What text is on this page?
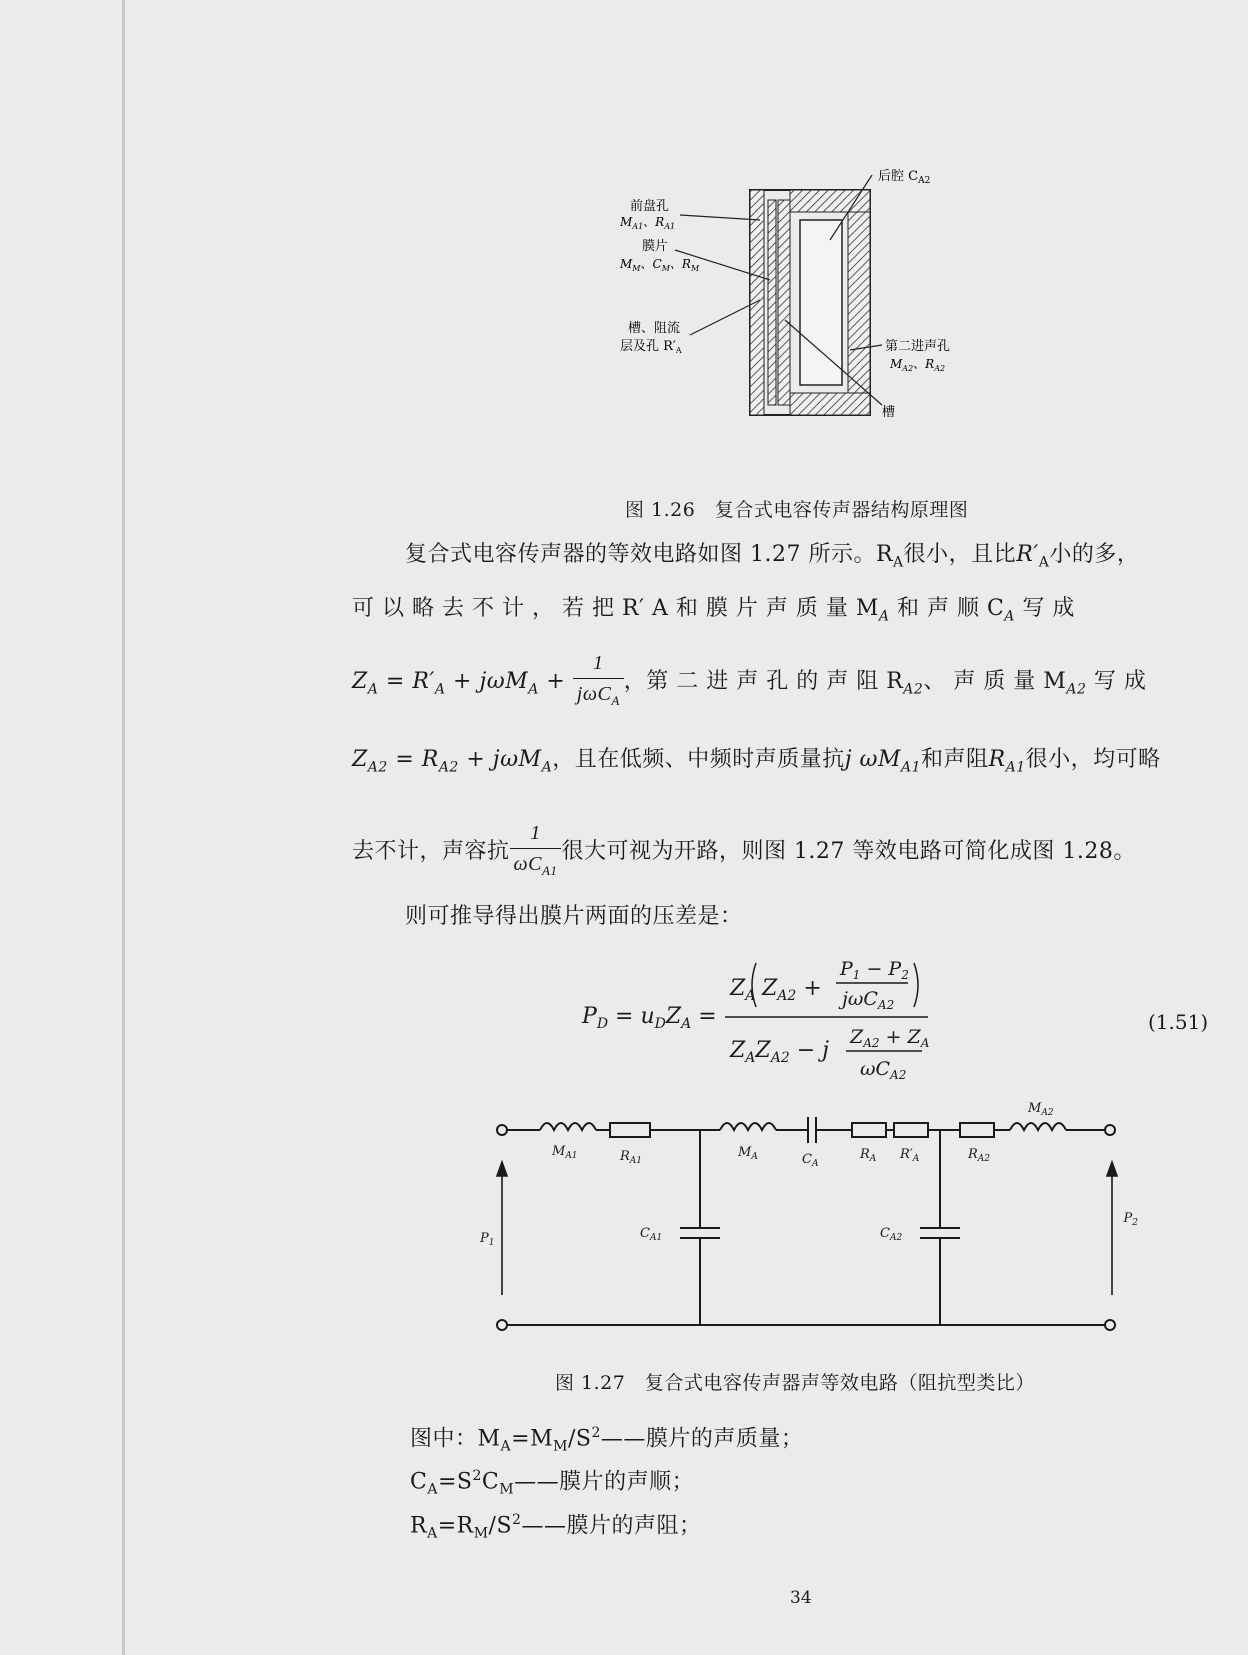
后腔 $C_{A2}$
前盘孔
$M_{A1}$、$R_{A1}$
膜片
$M_M$、$C_M$、$R_M$
槽、阻流
层及孔 $R'_A$	第二进声孔
$M_{A2}$、$R_{A2}$
槽
图 1.26　复合式电容传声器结构原理图
复合式电容传声器的等效电路如图 1.27 所示。$R_A$很小，且比$R'_A$小的多，
可 以 略 去 不 计 ， 若 把 R′ A 和 膜 片 声 质 量 $M_A$ 和 声 顺 $C_A$ 写 成
$Z_A = R'_A + j\omega M_A + \frac{1}{j\omega C_A}$ ，第 二 进 声 孔 的 声 阻 $R_{A2}$、 声 质 量 $M_{A2}$ 写 成
$Z_{A2} = R_{A2} + j\omega M_A$，且在低频、中频时声质量抗j $\omega M_{A1}$和声阻$R_{A1}$很小，均可略
去不计，声容抗 $\frac{1}{\omega C_{A1}}$ 很大可视为开路，则图 1.27 等效电路可简化成图 1.28。
则可推导得出膜片两面的压差是：
$P_D = u_DZ_A$ =
$Z_A$ $Z_{A2}$ +
$P_1 - P_2$
jωC$_{A2}$
$Z_AZ_{A2} - j$
$Z_{A2} + Z_A$
$\omega C_{A2}$
(1.51)
$M_{A1}$	$R_{A1}$
$M_A$	$C_A$
$R_A$ $R'_A$	$R_{A2}$
$M_{A2}$
$C_{A1}$	$C_{A2}$
$P_1$
$P_2$
图 1.27　复合式电容传声器声等效电路（阻抗型类比）
图中：$M_A=M_M/S^2——$膜片的声质量；
$C_A=S^2C_M——$膜片的声顺；
$R_A=R_M/S^2——$膜片的声阻；
34
